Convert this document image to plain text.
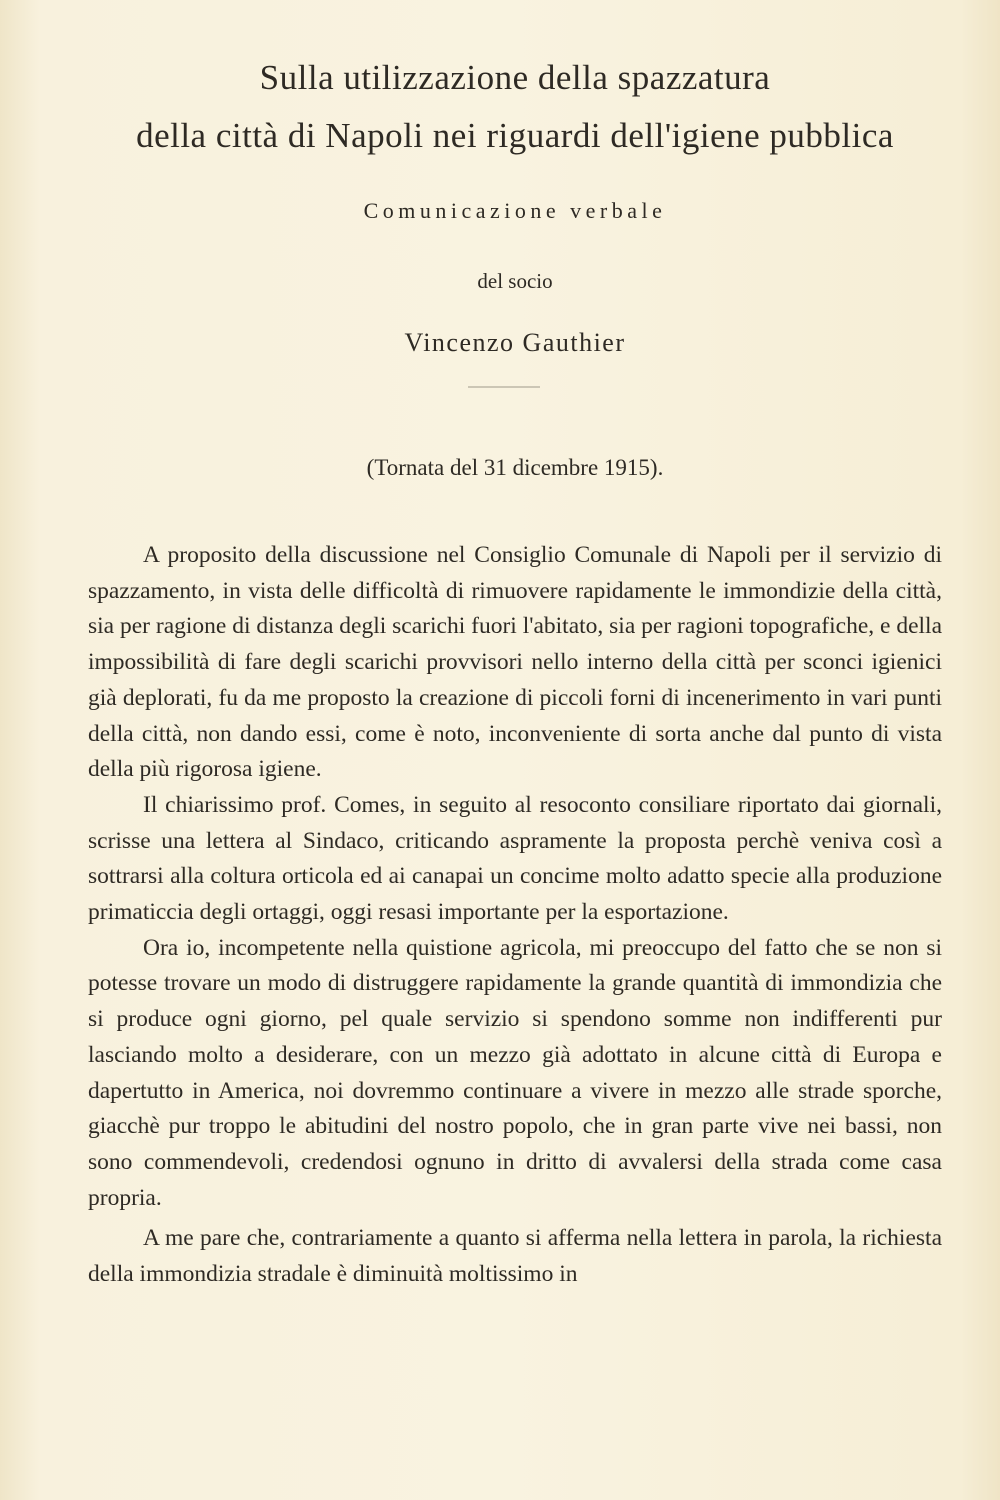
Sulla utilizzazione della spazzatura
della città di Napoli nei riguardi dell'igiene pubblica
Comunicazione verbale
del socio
Vincenzo Gauthier
(Tornata del 31 dicembre 1915).

A proposito della discussione nel Consiglio Comunale di Napoli per il servizio di spazzamento, in vista delle difficoltà di rimuovere rapidamente le immondizie della città, sia per ragione di distanza degli scarichi fuori l'abitato, sia per ragioni topografiche, e della impossibilità di fare degli scarichi provvisori nello interno della città per sconci igienici già deplorati, fu da me proposto la creazione di piccoli forni di incenerimento in vari punti della città, non dando essi, come è noto, inconveniente di sorta anche dal punto di vista della più rigorosa igiene.

Il chiarissimo prof. Comes, in seguito al resoconto consiliare riportato dai giornali, scrisse una lettera al Sindaco, criticando aspramente la proposta perchè veniva così a sottrarsi alla coltura orticola ed ai canapai un concime molto adatto specie alla produzione primaticcia degli ortaggi, oggi resasi importante per la esportazione.

Ora io, incompetente nella quistione agricola, mi preoccupo del fatto che se non si potesse trovare un modo di distruggere rapidamente la grande quantità di immondizia che si produce ogni giorno, pel quale servizio si spendono somme non indifferenti pur lasciando molto a desiderare, con un mezzo già adottato in alcune città di Europa e dapertutto in America, noi dovremmo continuare a vivere in mezzo alle strade sporche, giacchè pur troppo le abitudini del nostro popolo, che in gran parte vive nei bassi, non sono commendevoli, credendosi ognuno in dritto di avvalersi della strada come casa propria.

A me pare che, contrariamente a quanto si afferma nella lettera in parola, la richiesta della immondizia stradale è diminuità moltissimo in
